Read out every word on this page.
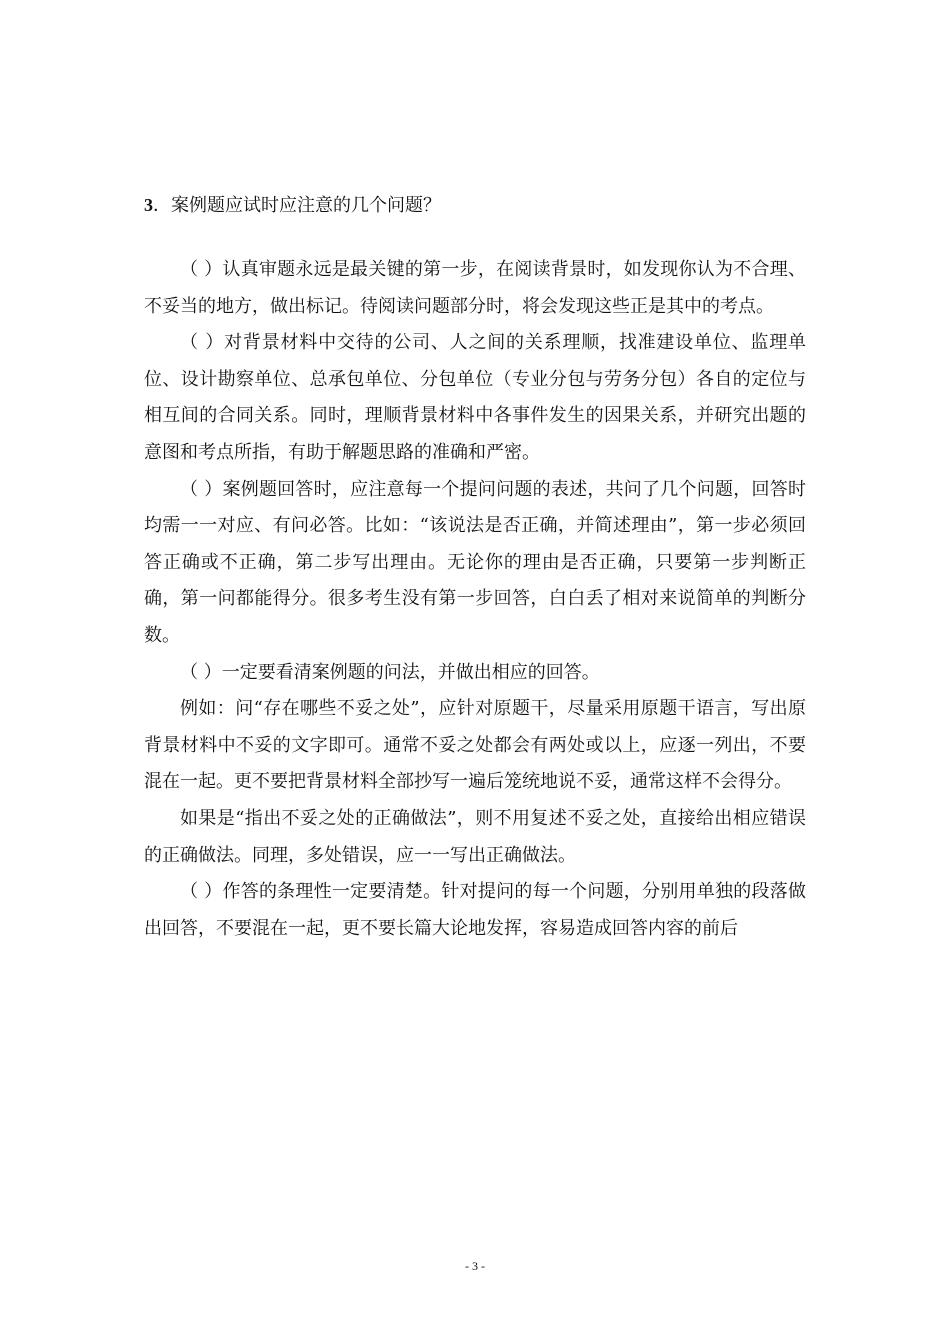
3．案例题应试时应注意的几个问题？

（ ）认真审题永远是最关键的第一步，在阅读背景时，如发现你认为不合理、不妥当的地方，做出标记。待阅读问题部分时，将会发现这些正是其中的考点。

（ ）对背景材料中交待的公司、人之间的关系理顺，找准建设单位、监理单位、设计勘察单位、总承包单位、分包单位（专业分包与劳务分包）各自的定位与相互间的合同关系。同时，理顺背景材料中各事件发生的因果关系，并研究出题的意图和考点所指，有助于解题思路的准确和严密。

（ ）案例题回答时，应注意每一个提问问题的表述，共问了几个问题，回答时均需一一对应、有问必答。比如：“该说法是否正确，并简述理由”，第一步必须回答正确或不正确，第二步写出理由。无论你的理由是否正确，只要第一步判断正确，第一问都能得分。很多考生没有第一步回答，白白丢了相对来说简单的判断分数。

（ ）一定要看清案例题的问法，并做出相应的回答。

例如：问“存在哪些不妥之处”，应针对原题干，尽量采用原题干语言，写出原背景材料中不妥的文字即可。通常不妥之处都会有两处或以上，应逐一列出，不要混在一起。更不要把背景材料全部抄写一遍后笼统地说不妥，通常这样不会得分。

如果是“指出不妥之处的正确做法”，则不用复述不妥之处，直接给出相应错误的正确做法。同理，多处错误，应一一写出正确做法。

（ ）作答的条理性一定要清楚。针对提问的每一个问题，分别用单独的段落做出回答，不要混在一起，更不要长篇大论地发挥，容易造成回答内容的前后

- 3 -
